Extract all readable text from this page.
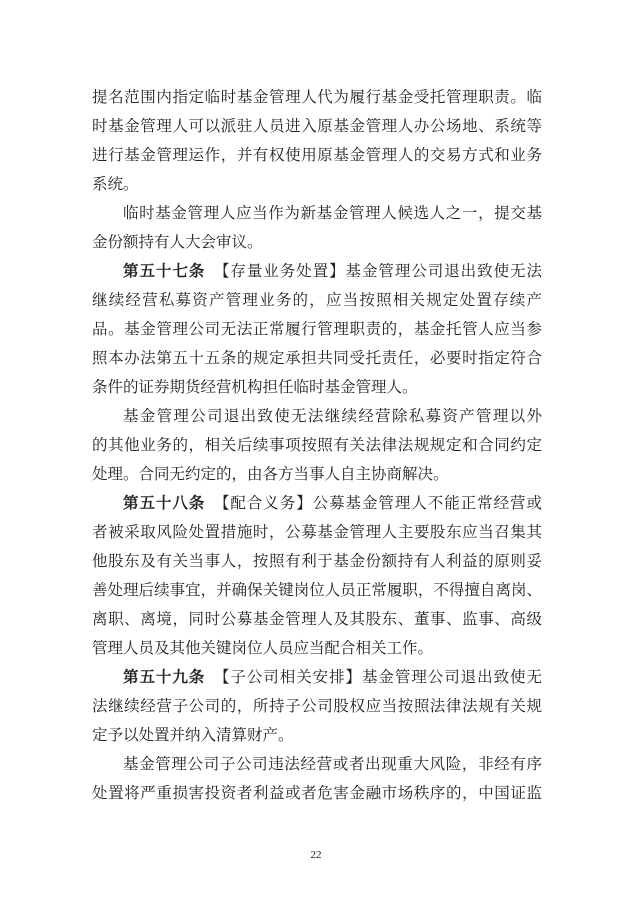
提名范围内指定临时基金管理人代为履行基金受托管理职责。临
时基金管理人可以派驻人员进入原基金管理人办公场地、系统等
进行基金管理运作，并有权使用原基金管理人的交易方式和业务
系统。
临时基金管理人应当作为新基金管理人候选人之一，提交基
金份额持有人大会审议。
第五十七条　【存量业务处置】基金管理公司退出致使无法
继续经营私募资产管理业务的，应当按照相关规定处置存续产
品。基金管理公司无法正常履行管理职责的，基金托管人应当参
照本办法第五十五条的规定承担共同受托责任，必要时指定符合
条件的证券期货经营机构担任临时基金管理人。
基金管理公司退出致使无法继续经营除私募资产管理以外
的其他业务的，相关后续事项按照有关法律法规规定和合同约定
处理。合同无约定的，由各方当事人自主协商解决。
第五十八条　【配合义务】公募基金管理人不能正常经营或
者被采取风险处置措施时，公募基金管理人主要股东应当召集其
他股东及有关当事人，按照有利于基金份额持有人利益的原则妥
善处理后续事宜，并确保关键岗位人员正常履职，不得擅自离岗、
离职、离境，同时公募基金管理人及其股东、董事、监事、高级
管理人员及其他关键岗位人员应当配合相关工作。
第五十九条　【子公司相关安排】基金管理公司退出致使无
法继续经营子公司的，所持子公司股权应当按照法律法规有关规
定予以处置并纳入清算财产。
基金管理公司子公司违法经营或者出现重大风险，非经有序
处置将严重损害投资者利益或者危害金融市场秩序的，中国证监
22
